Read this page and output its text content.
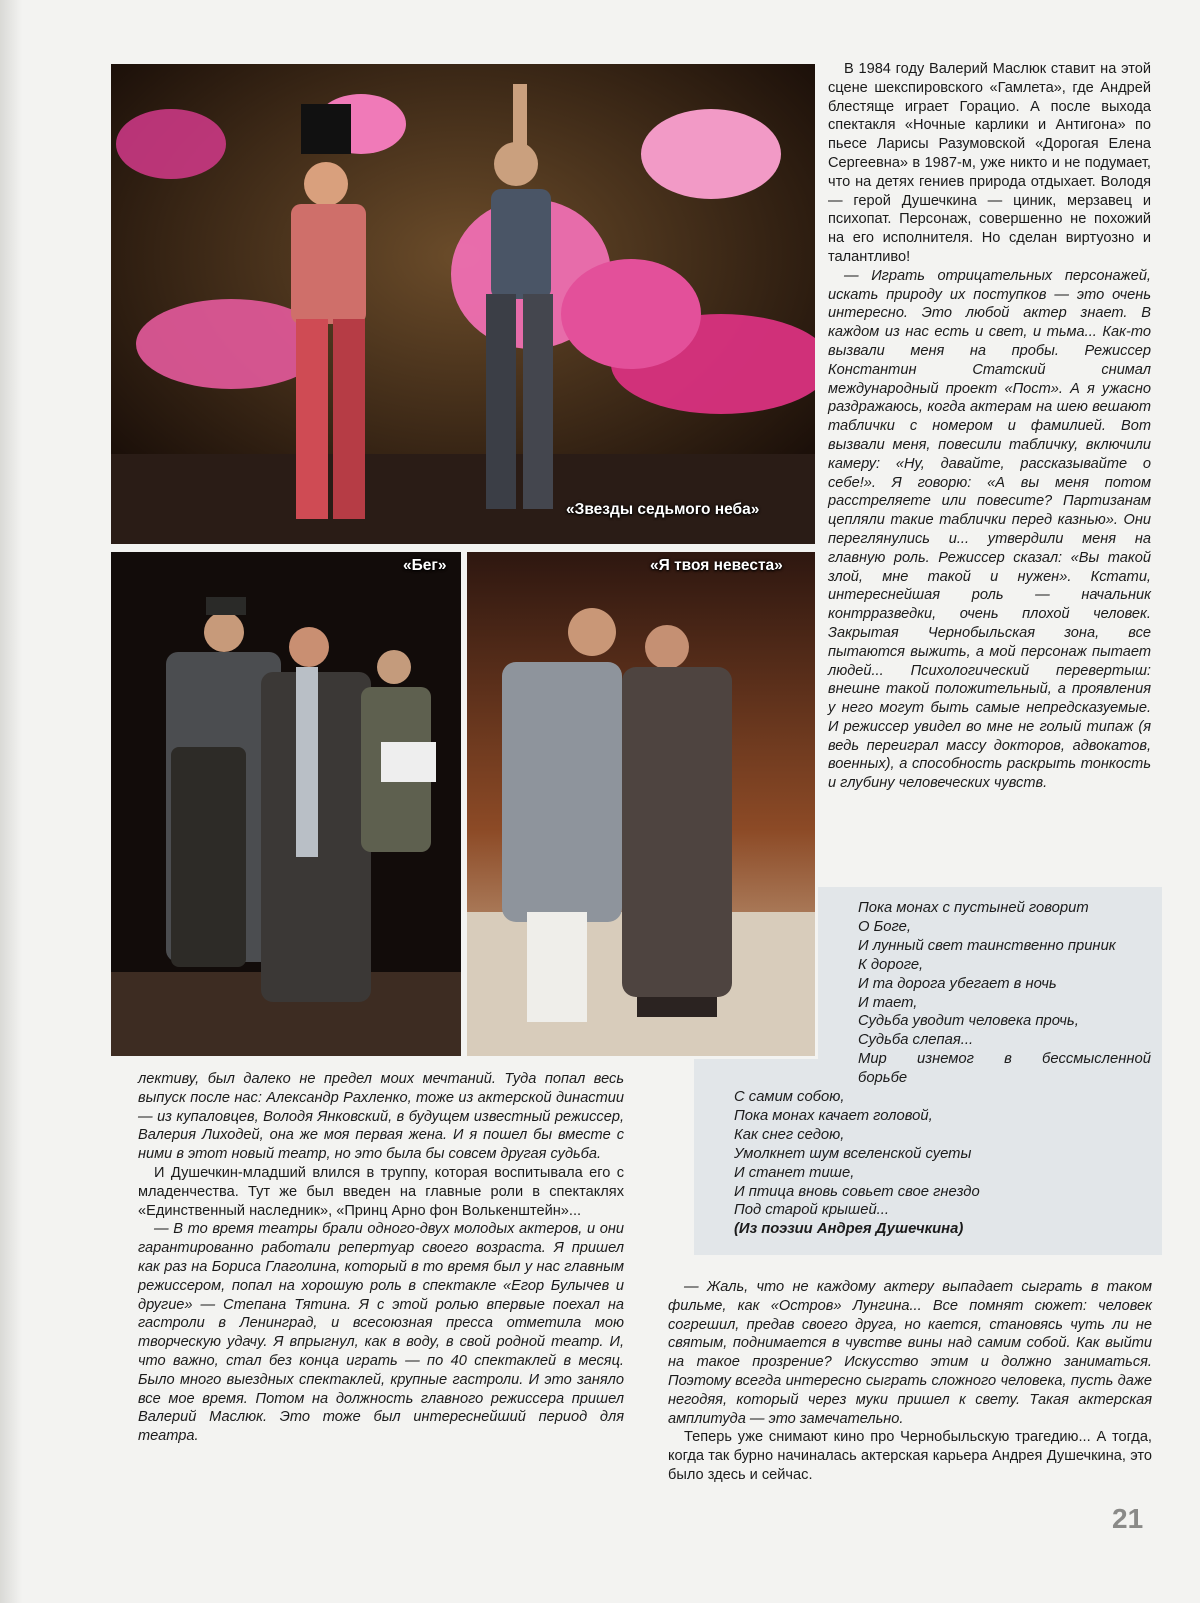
«Звезды седьмого неба»
«Бег»	«Я твоя невеста»

В 1984 году Валерий Маслюк ставит на этой сцене шекспировского «Гамлета», где Андрей блестяще играет Горацио. А после выхода спектакля «Ночные карлики и Антигона» по пьесе Ларисы Разумовской «Дорогая Елена Сергеевна» в 1987-м, уже никто и не подумает, что на детях гениев природа отдыхает. Володя — герой Душечкина — циник, мерзавец и психопат. Персонаж, совершенно не похожий на его исполнителя. Но сделан виртуозно и талантливо!

— Играть отрицательных персонажей, искать природу их поступков — это очень интересно. Это любой актер знает. В каждом из нас есть и свет, и тьма... Как-то вызвали меня на пробы. Режиссер Константин Статский снимал международный проект «Пост». А я ужасно раздражаюсь, когда актерам на шею вешают таблички с номером и фамилией. Вот вызвали меня, повесили табличку, включили камеру: «Ну, давайте, рассказывайте о себе!». Я говорю: «А вы меня потом расстреляете или повесите? Партизанам цепляли такие таблички перед казнью». Они переглянулись и... утвердили меня на главную роль. Режиссер сказал: «Вы такой злой, мне такой и нужен». Кстати, интереснейшая роль — начальник контрразведки, очень плохой человек. Закрытая Чернобыльская зона, все пытаются выжить, а мой персонаж пытает людей... Психологический перевертыш: внешне такой положительный, а проявления у него могут быть самые непредсказуемые. И режиссер увидел во мне не голый типаж (я ведь переиграл массу докторов, адвокатов, военных), а способность раскрыть тонкость и глубину человеческих чувств.

Пока монах с пустыней говорит
О Боге,
И лунный свет таинственно приник
К дороге,
И та дорога убегает в ночь
И тает,
Судьба уводит человека прочь,
Судьба слепая...
Мир изнемог в бессмысленной
борьбе
С самим собою,
Пока монах качает головой,
Как снег седою,
Умолкнет шум вселенской суеты
И станет тише,
И птица вновь совьет свое гнездо
Под старой крышей...
(Из поэзии Андрея Душечкина)

лективу, был далеко не предел моих мечтаний. Туда попал весь выпуск после нас: Александр Рахленко, тоже из актерской династии — из купаловцев, Володя Янковский, в будущем известный режиссер, Валерия Лиходей, она же моя первая жена. И я пошел бы вместе с ними в этот новый театр, но это была бы совсем другая судьба.

И Душечкин-младший влился в труппу, которая воспитывала его с младенчества. Тут же был введен на главные роли в спектаклях «Единственный наследник», «Принц Арно фон Волькенштейн»...

— В то время театры брали одного-двух молодых актеров, и они гарантированно работали репертуар своего возраста. Я пришел как раз на Бориса Глаголина, который в то время был у нас главным режиссером, попал на хорошую роль в спектакле «Егор Булычев и другие» — Степана Тятина. Я с этой ролью впервые поехал на гастроли в Ленинград, и всесоюзная пресса отметила мою творческую удачу. Я впрыгнул, как в воду, в свой родной театр. И, что важно, стал без конца играть — по 40 спектаклей в месяц. Было много выездных спектаклей, крупные гастроли. И это заняло все мое время. Потом на должность главного режиссера пришел Валерий Маслюк. Это тоже был интереснейший период для театра.

— Жаль, что не каждому актеру выпадает сыграть в таком фильме, как «Остров» Лунгина... Все помнят сюжет: человек согрешил, предав своего друга, но кается, становясь чуть ли не святым, поднимается в чувстве вины над самим собой. Как выйти на такое прозрение? Искусство этим и должно заниматься. Поэтому всегда интересно сыграть сложного человека, пусть даже негодяя, который через муки пришел к свету. Такая актерская амплитуда — это замечательно.

Теперь уже снимают кино про Чернобыльскую трагедию... А тогда, когда так бурно начиналась актерская карьера Андрея Душечкина, это было здесь и сейчас.

21
